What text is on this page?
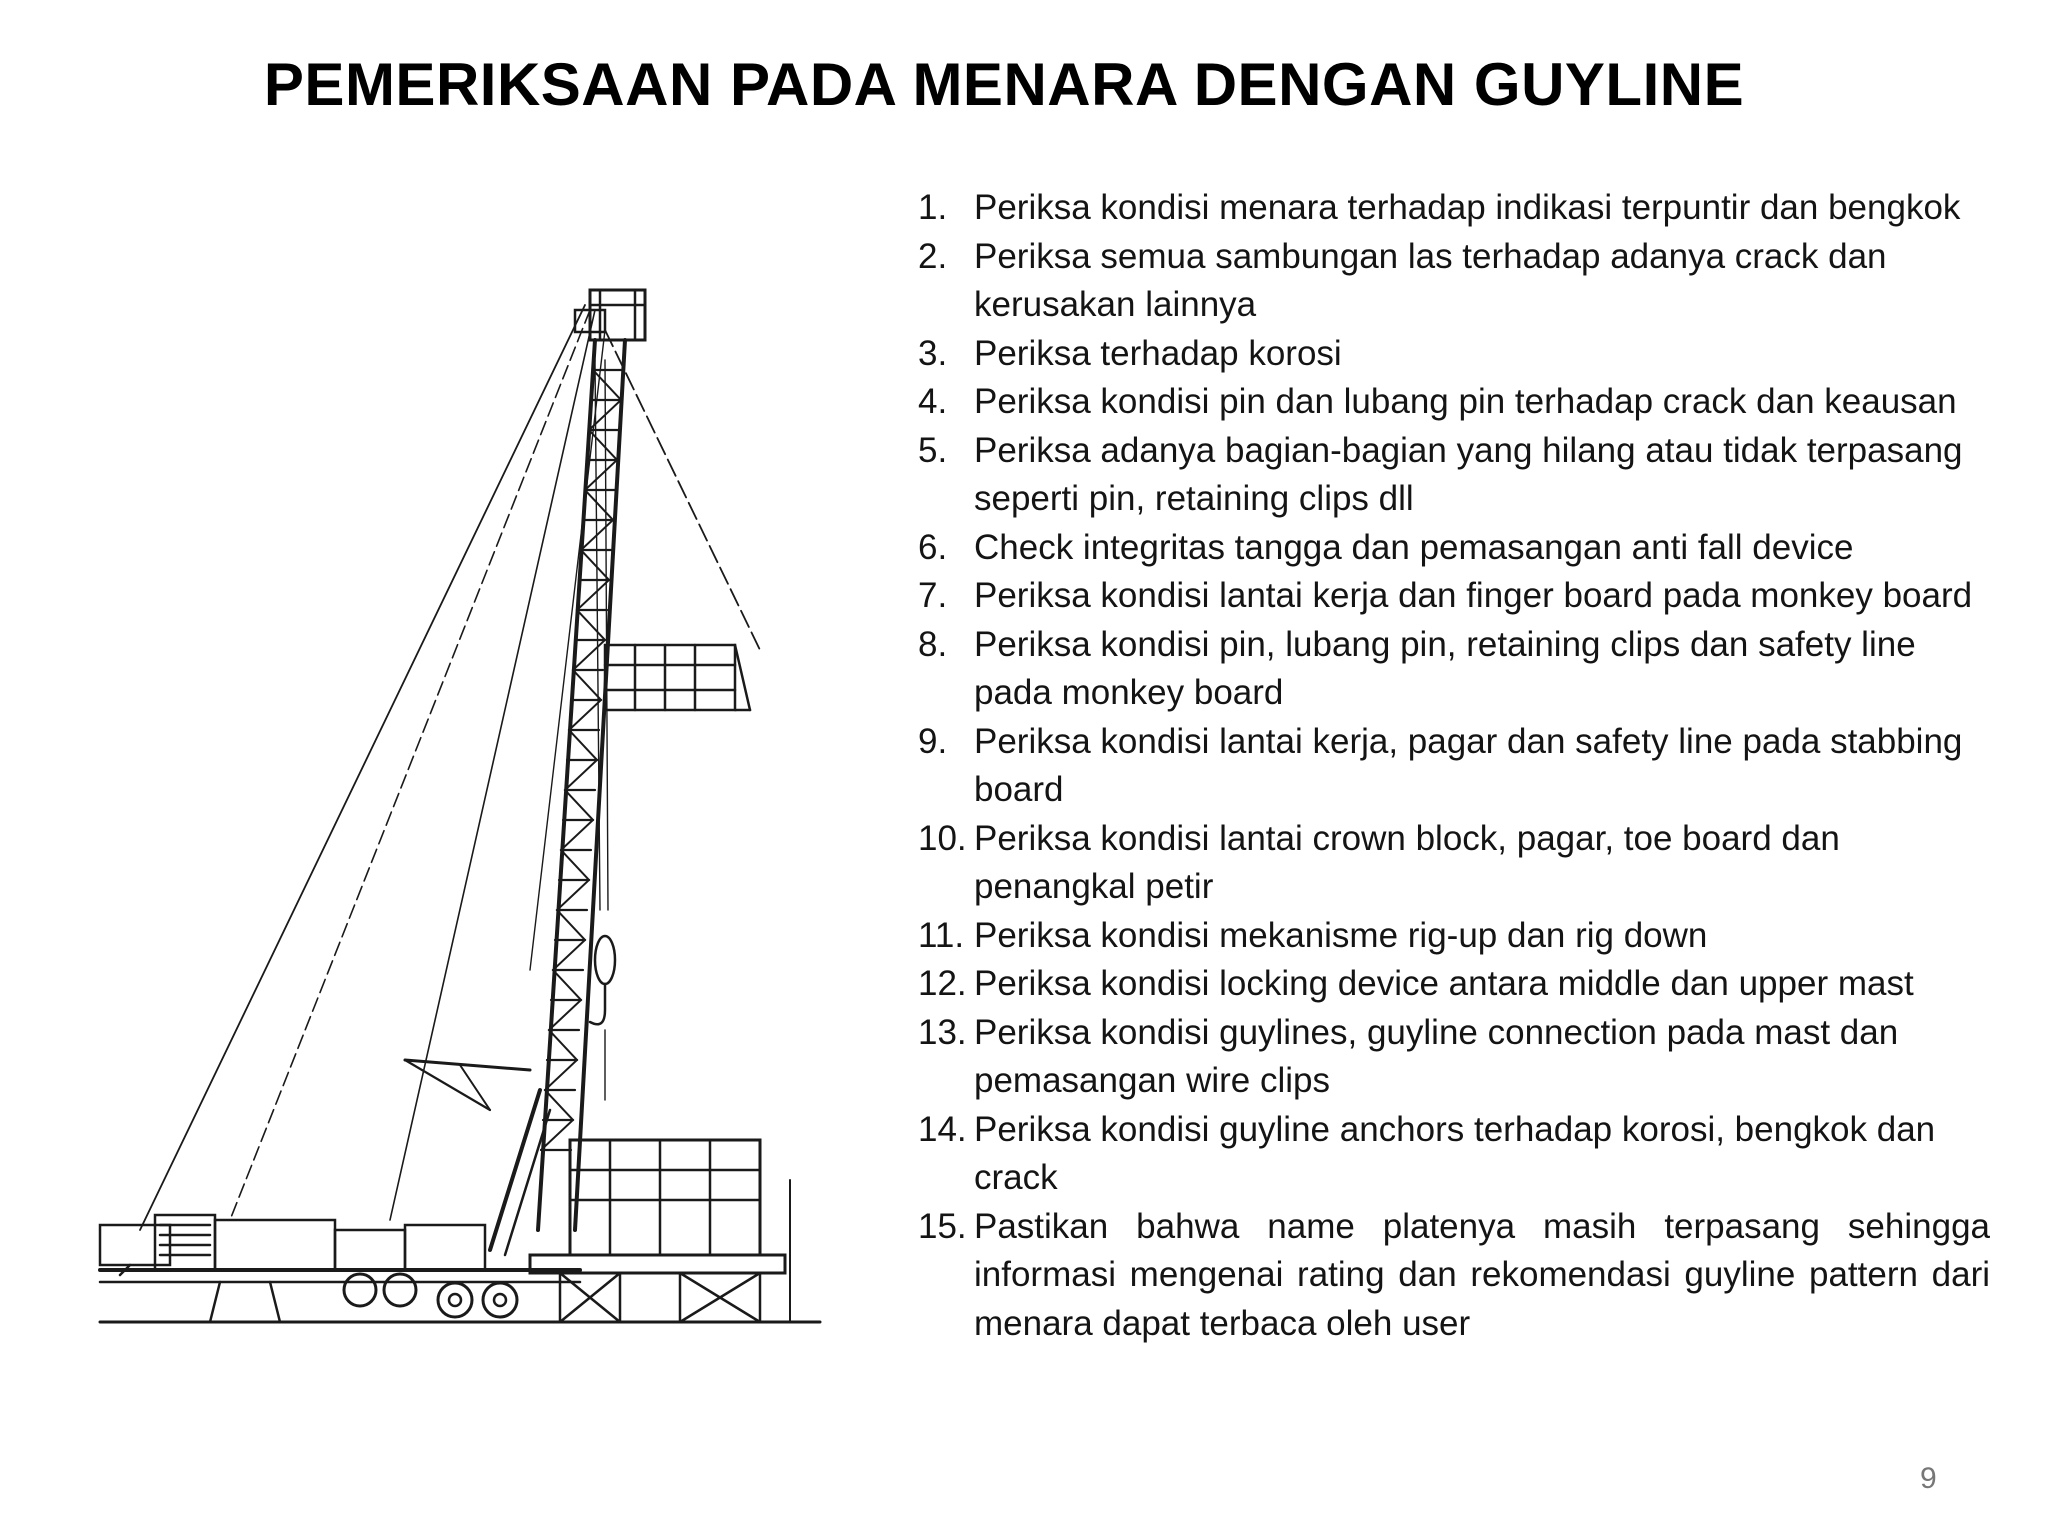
PEMERIKSAAN PADA MENARA DENGAN GUYLINE
1. Periksa kondisi menara terhadap indikasi terpuntir dan bengkok
2. Periksa semua sambungan las terhadap adanya crack dan kerusakan lainnya
3. Periksa terhadap korosi
4. Periksa kondisi pin dan lubang pin terhadap crack dan keausan
5. Periksa adanya bagian-bagian yang hilang atau tidak terpasang seperti pin, retaining clips dll
6. Check integritas tangga dan pemasangan anti fall device
7. Periksa kondisi lantai kerja dan finger board pada monkey board
8. Periksa kondisi pin, lubang pin, retaining clips dan safety line pada monkey board
9. Periksa kondisi lantai kerja, pagar dan safety line pada stabbing board
10. Periksa kondisi lantai crown block, pagar, toe board dan penangkal petir
11. Periksa kondisi mekanisme rig-up dan rig down
12. Periksa kondisi locking device antara middle dan upper mast
13. Periksa kondisi guylines, guyline connection pada mast dan pemasangan wire clips
14. Periksa kondisi guyline anchors terhadap korosi, bengkok dan crack
15. Pastikan bahwa name platenya masih terpasang sehingga informasi mengenai rating dan rekomendasi guyline pattern dari menara dapat terbaca oleh user
9
